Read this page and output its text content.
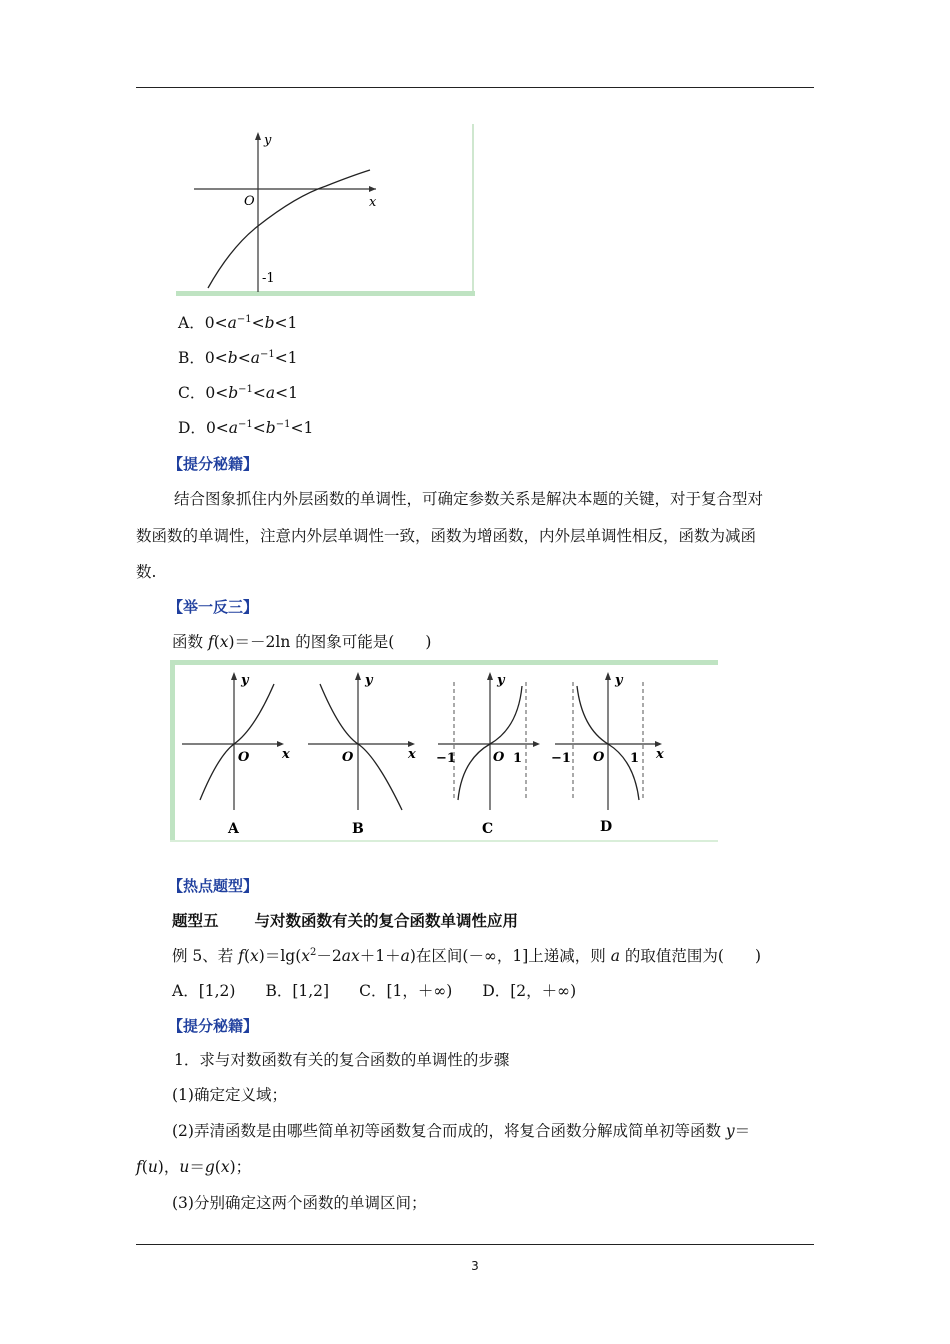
y
x
O
-1
A．$0<a^{-1}<b<1$
B．$0<b<a^{-1}<1$
C．$0<b^{-1}<a<1$
D．$0<a^{-1}<b^{-1}<1$
【提分秘籍】
结合图象抓住内外层函数的单调性，可确定参数关系是解决本题的关键，对于复合型对
数函数的单调性，注意内外层单调性一致，函数为增函数，内外层单调性相反，函数为减函
数.
【举一反三】
函数 f(x)＝－2ln 的图象可能是(　　)
y
O	x
A
y
O	x
B
y
−1	O 1
C
y
−1 O 1 x
D
【热点题型】
题型五 与对数函数有关的复合函数单调性应用
例 5、若 $f(x)=\lg(x^2-2ax+1+a)$在区间(－∞，1]上递减，则 a 的取值范围为(　　)
A．[1,2) B．[1,2] C．[1，＋∞) D．[2，＋∞)
【提分秘籍】
1．求与对数函数有关的复合函数的单调性的步骤
(1)确定定义域；
(2)弄清函数是由哪些简单初等函数复合而成的，将复合函数分解成简单初等函数 y＝
f(u)，u＝g(x)；
(3)分别确定这两个函数的单调区间；
3
